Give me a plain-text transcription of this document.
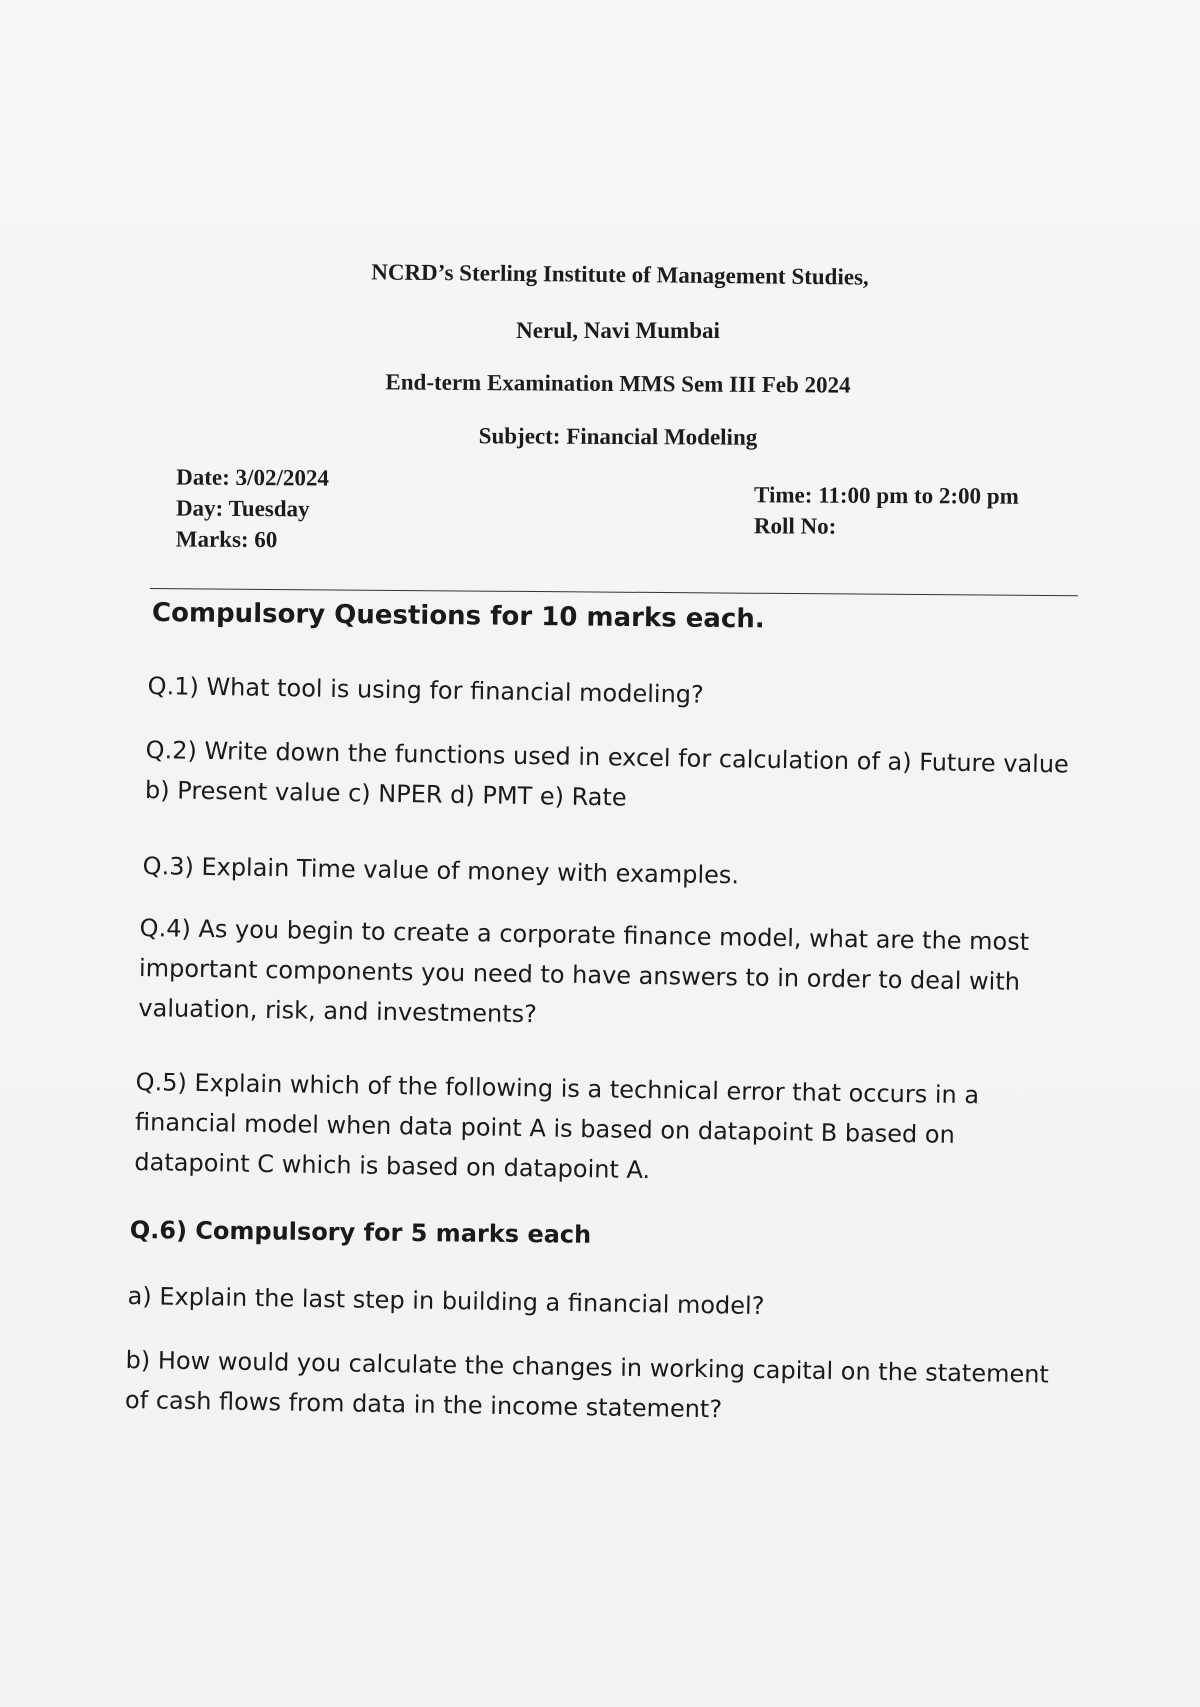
NCRD’s Sterling Institute of Management Studies,
Nerul, Navi Mumbai
End-term Examination MMS Sem III Feb 2024
Subject: Financial Modeling
Date: 3/02/2024
Day: Tuesday
Marks: 60
Time: 11:00 pm to 2:00 pm
Roll No:
Compulsory Questions for 10 marks each.
Q.1) What tool is using for financial modeling?
Q.2) Write down the functions used in excel for calculation of a) Future value b) Present value c) NPER d) PMT e) Rate
Q.3) Explain Time value of money with examples.
Q.4) As you begin to create a corporate finance model, what are the most important components you need to have answers to in order to deal with valuation, risk, and investments?
Q.5) Explain which of the following is a technical error that occurs in a financial model when data point A is based on datapoint B based on datapoint C which is based on datapoint A.
Q.6) Compulsory for 5 marks each
a) Explain the last step in building a financial model?
b) How would you calculate the changes in working capital on the statement of cash flows from data in the income statement?
